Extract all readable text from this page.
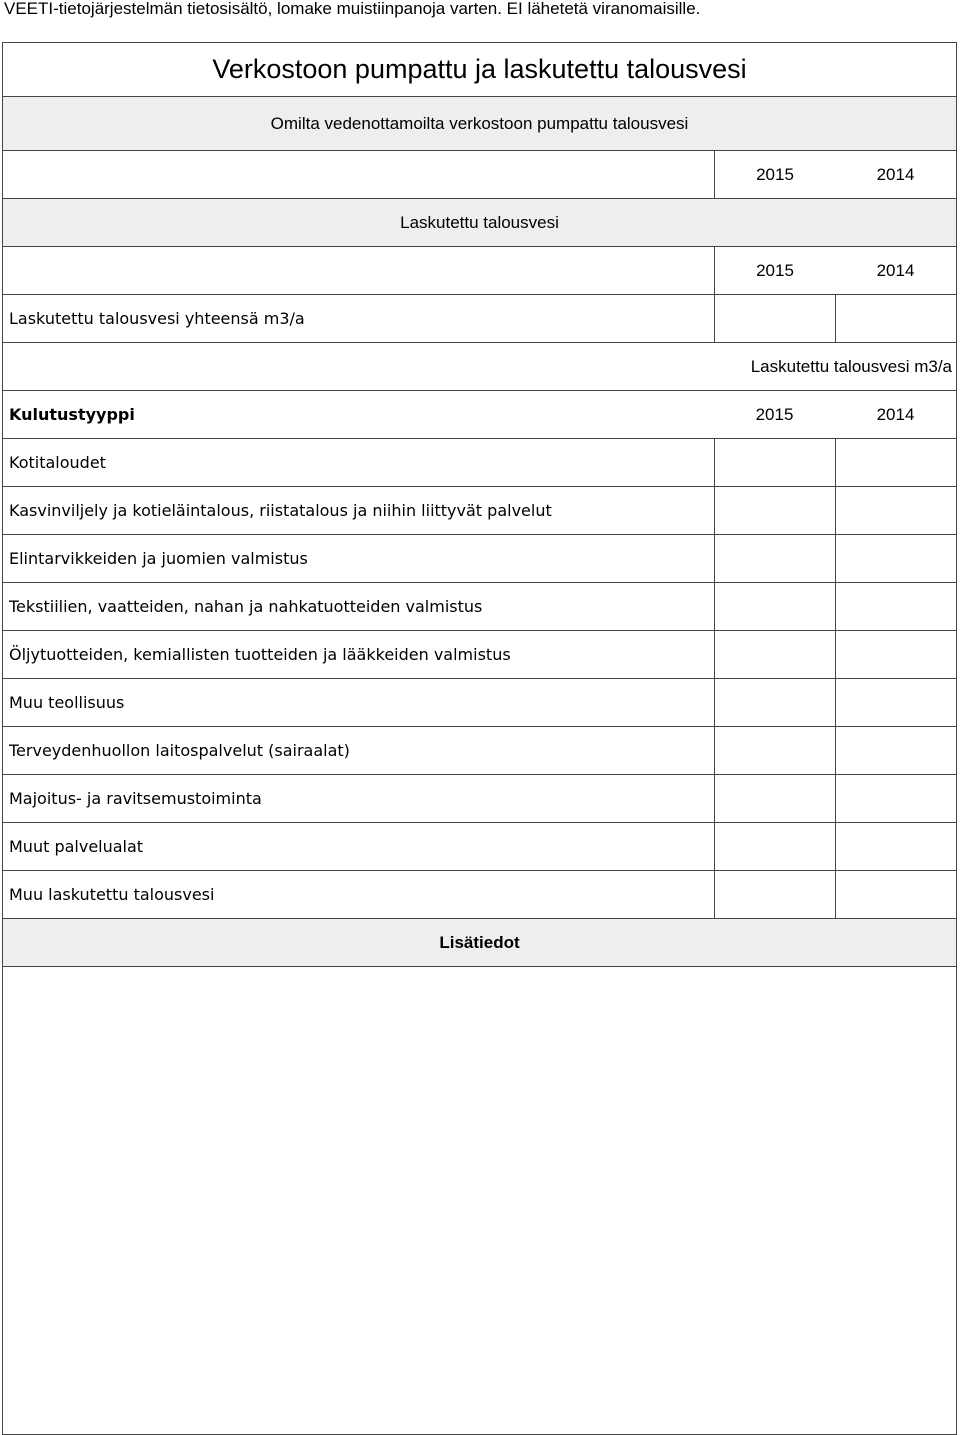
VEETI-tietojärjestelmän tietosisältö, lomake muistiinpanoja varten. EI lähetetä viranomaisille.
Verkostoon pumpattu ja laskutettu talousvesi
Omilta vedenottamoilta verkostoon pumpattu talousvesi
2015	2014
Laskutettu talousvesi
2015	2014
Laskutettu talousvesi yhteensä m3/a
Laskutettu talousvesi m3/a
Kulutustyyppi	2015	2014
Kotitaloudet
Kasvinviljely ja kotieläintalous, riistatalous ja niihin liittyvät palvelut
Elintarvikkeiden ja juomien valmistus
Tekstiilien, vaatteiden, nahan ja nahkatuotteiden valmistus
Öljytuotteiden, kemiallisten tuotteiden ja lääkkeiden valmistus
Muu teollisuus
Terveydenhuollon laitospalvelut (sairaalat)
Majoitus- ja ravitsemustoiminta
Muut palvelualat
Muu laskutettu talousvesi
Lisätiedot
